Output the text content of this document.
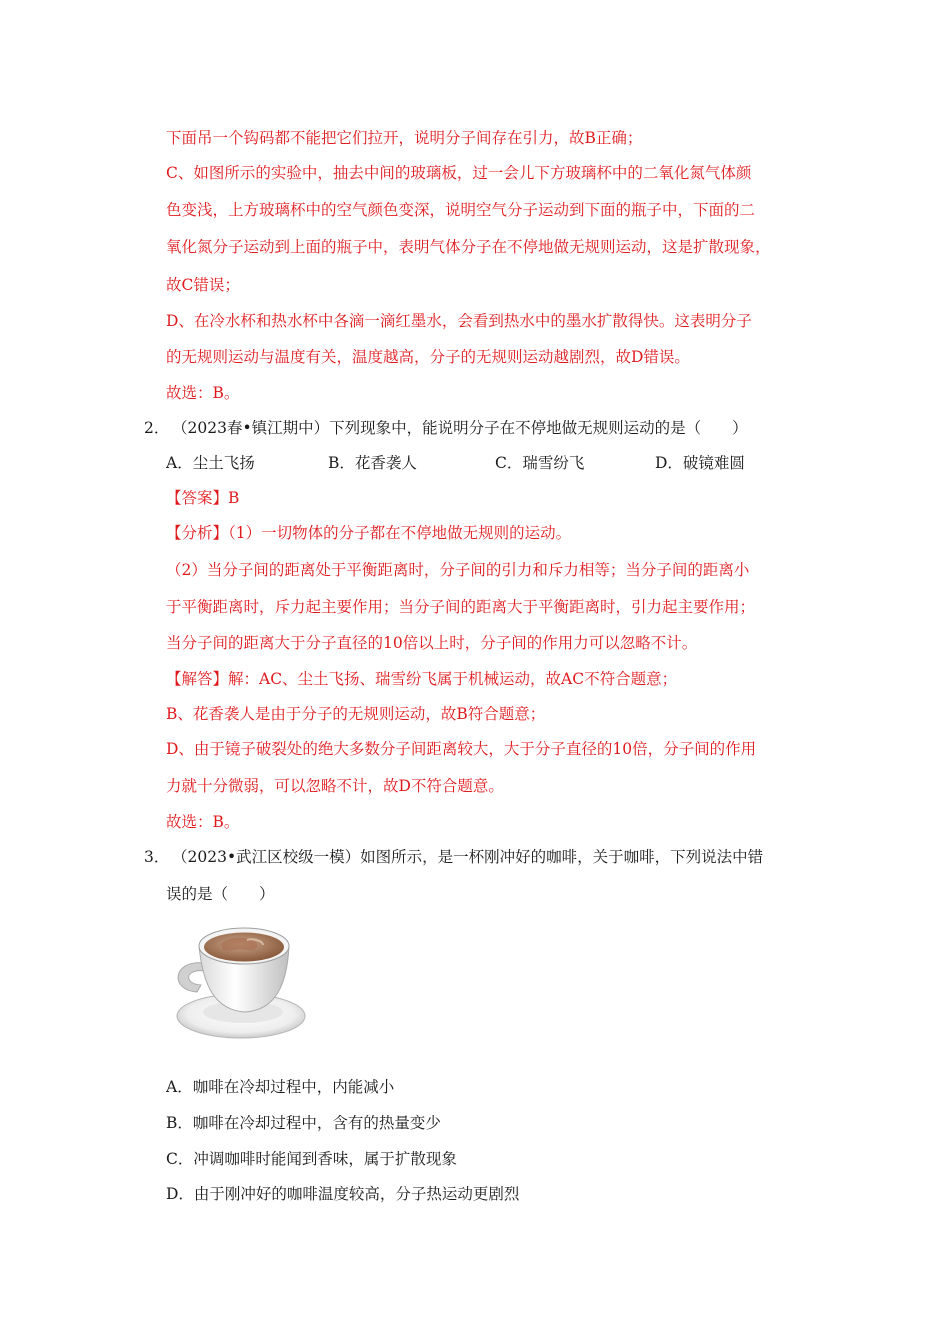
下面吊一个钩码都不能把它们拉开，说明分子间存在引力，故B正确；
C、如图所示的实验中，抽去中间的玻璃板，过一会儿下方玻璃杯中的二氧化氮气体颜
色变浅，上方玻璃杯中的空气颜色变深，说明空气分子运动到下面的瓶子中，下面的二
氧化氮分子运动到上面的瓶子中，表明气体分子在不停地做无规则运动，这是扩散现象，
故C错误；
D、在冷水杯和热水杯中各滴一滴红墨水，会看到热水中的墨水扩散得快。这表明分子
的无规则运动与温度有关，温度越高，分子的无规则运动越剧烈，故D错误。
故选：B。
2． （2023春•镇江期中）下列现象中，能说明分子在不停地做无规则运动的是（　　）
A．尘土飞扬	B．花香袭人	C．瑞雪纷飞	D．破镜难圆
【答案】B
【分析】（1）一切物体的分子都在不停地做无规则的运动。
（2）当分子间的距离处于平衡距离时，分子间的引力和斥力相等；当分子间的距离小
于平衡距离时，斥力起主要作用；当分子间的距离大于平衡距离时，引力起主要作用；
当分子间的距离大于分子直径的10倍以上时，分子间的作用力可以忽略不计。
【解答】解：AC、尘土飞扬、瑞雪纷飞属于机械运动，故AC不符合题意；
B、花香袭人是由于分子的无规则运动，故B符合题意；
D、由于镜子破裂处的绝大多数分子间距离较大，大于分子直径的10倍，分子间的作用
力就十分微弱，可以忽略不计，故D不符合题意。
故选：B。
3． （2023•武江区校级一模）如图所示，是一杯刚冲好的咖啡，关于咖啡，下列说法中错
误的是（　　）
A．咖啡在冷却过程中，内能减小
B．咖啡在冷却过程中，含有的热量变少
C．冲调咖啡时能闻到香味，属于扩散现象
D．由于刚冲好的咖啡温度较高，分子热运动更剧烈
